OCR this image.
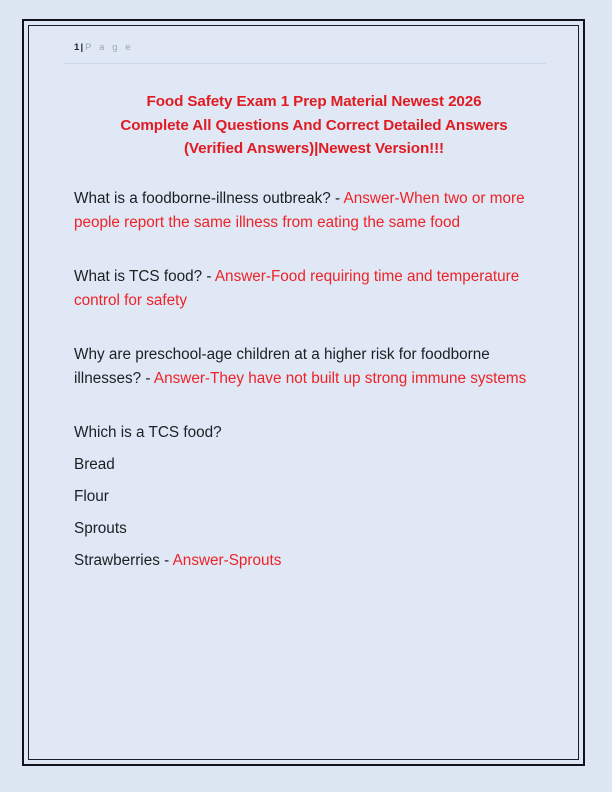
1| P a g e
Food Safety Exam 1 Prep Material Newest 2026
Complete All Questions And Correct Detailed Answers
(Verified Answers)|Newest Version!!!
What is a foodborne-illness outbreak? - Answer-When two or more people report the same illness from eating the same food
What is TCS food? - Answer-Food requiring time and temperature control for safety
Why are preschool-age children at a higher risk for foodborne illnesses? - Answer-They have not built up strong immune systems
Which is a TCS food?
Bread
Flour
Sprouts
Strawberries - Answer-Sprouts
